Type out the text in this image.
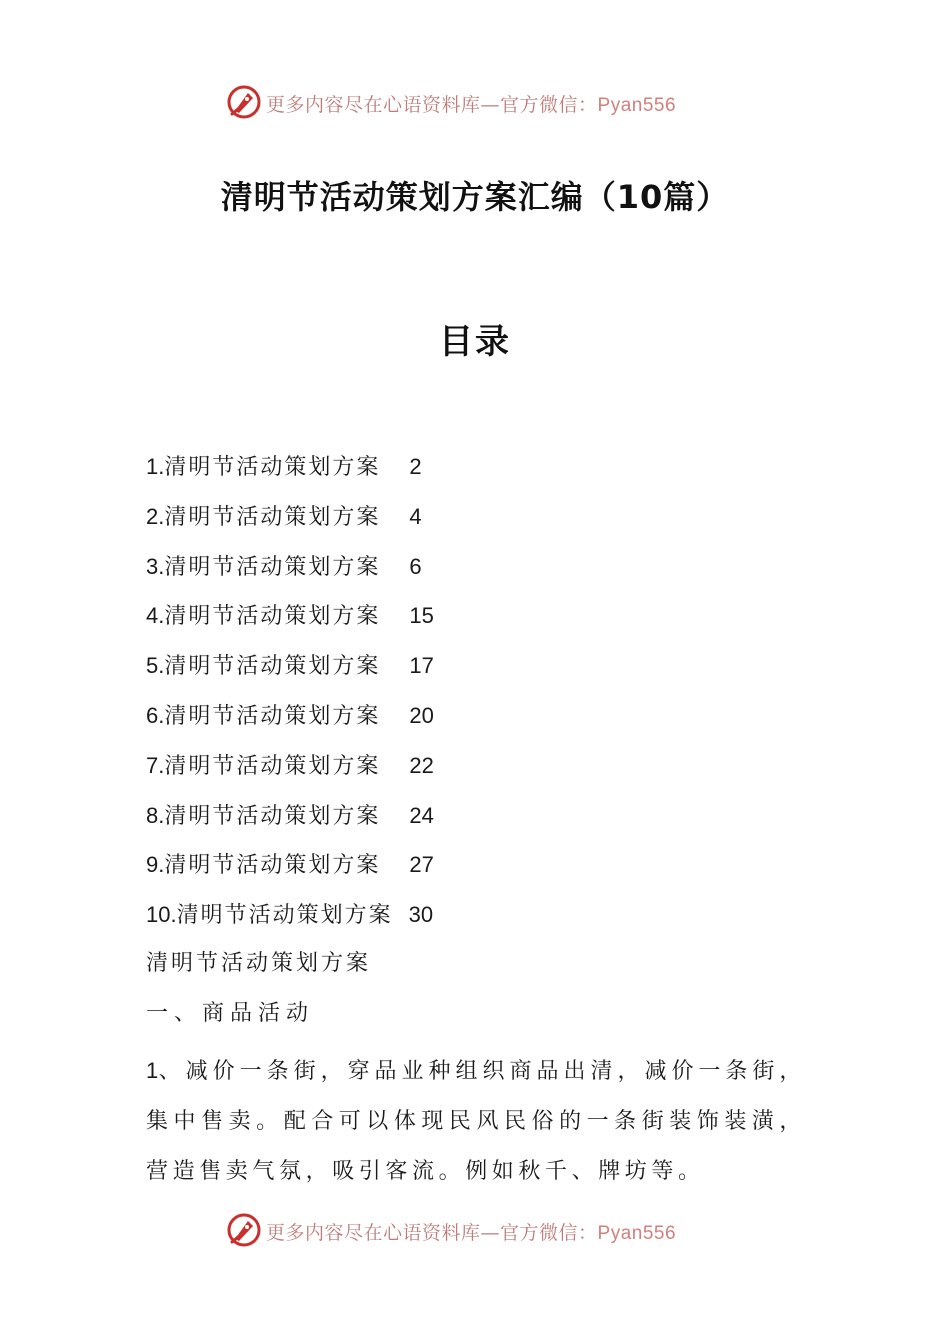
更多内容尽在心语资料库—官方微信：Pyan556
清明节活动策划方案汇编（10篇）
目录
1.清明节活动策划方案 2
2.清明节活动策划方案 4
3.清明节活动策划方案 6
4.清明节活动策划方案 15
5.清明节活动策划方案 17
6.清明节活动策划方案 20
7.清明节活动策划方案 22
8.清明节活动策划方案 24
9.清明节活动策划方案 27
10.清明节活动策划方案 30
清明节活动策划方案
一、商品活动
1、减价一条街，穿品业种组织商品出清，减价一条街，集中售卖。配合可以体现民风民俗的一条街装饰装潢，营造售卖气氛，吸引客流。例如秋千、牌坊等。
更多内容尽在心语资料库—官方微信：Pyan556
